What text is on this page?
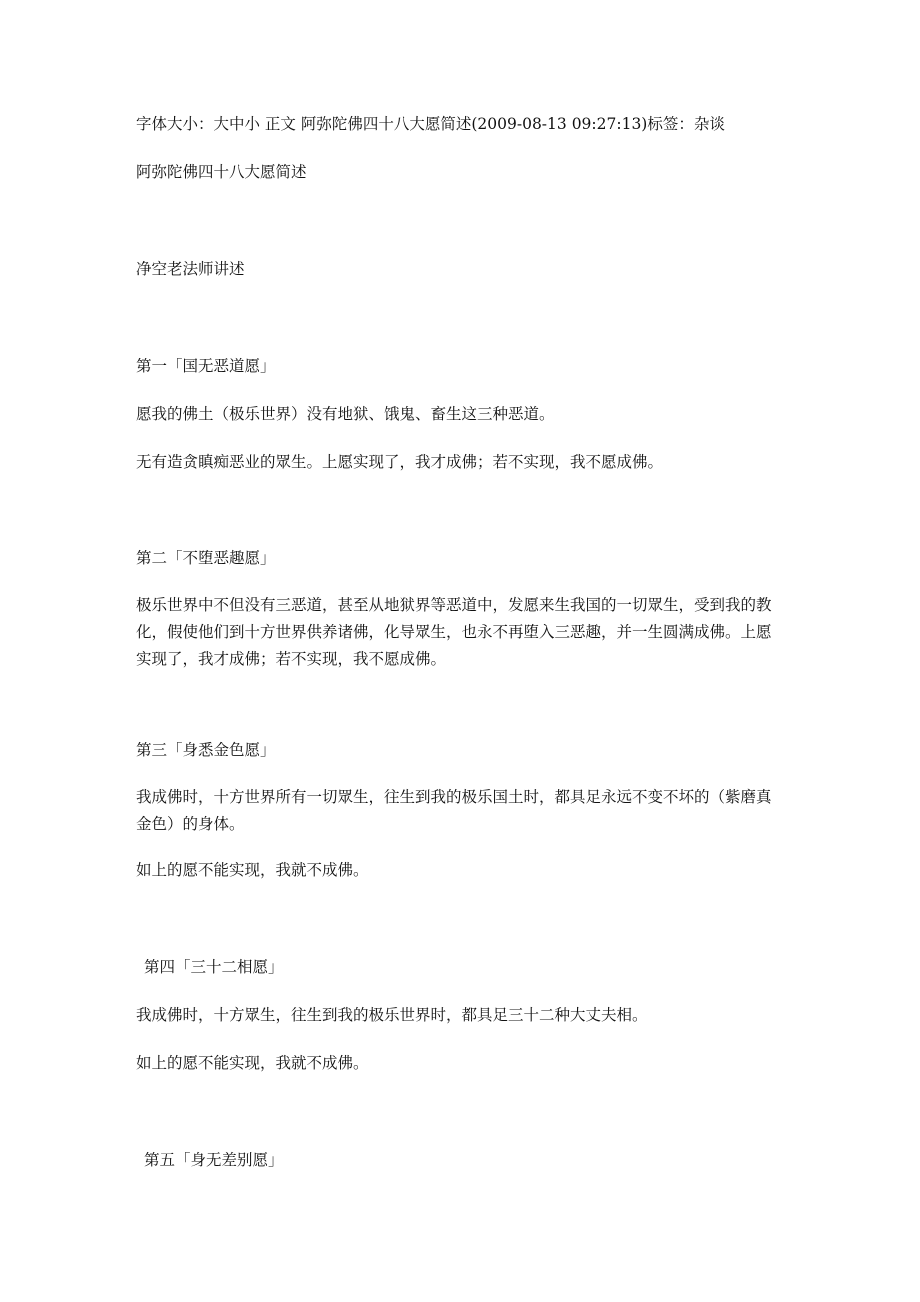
字体大小：大中小 正文 阿弥陀佛四十八大愿简述(2009-08-13 09:27:13)标签：杂谈

阿弥陀佛四十八大愿简述

净空老法师讲述

第一「国无恶道愿」

愿我的佛土（极乐世界）没有地狱、饿鬼、畜生这三种恶道。

无有造贪瞋痴恶业的眾生。上愿实现了，我才成佛；若不实现，我不愿成佛。

第二「不堕恶趣愿」

极乐世界中不但没有三恶道，甚至从地狱界等恶道中，发愿来生我国的一切眾生，受到我的教化，假使他们到十方世界供养诸佛，化导眾生，也永不再堕入三恶趣，并一生圆满成佛。上愿实现了，我才成佛；若不实现，我不愿成佛。

第三「身悉金色愿」

我成佛时，十方世界所有一切眾生，往生到我的极乐国土时，都具足永远不变不坏的（紫磨真金色）的身体。

如上的愿不能实现，我就不成佛。

第四「三十二相愿」

我成佛时，十方眾生，往生到我的极乐世界时，都具足三十二种大丈夫相。

如上的愿不能实现，我就不成佛。

第五「身无差别愿」
